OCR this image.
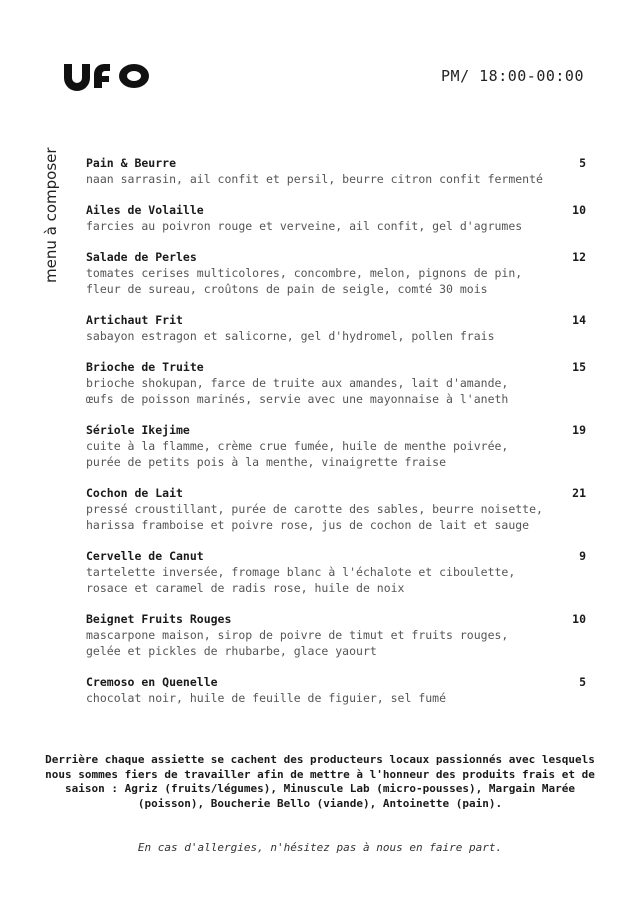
UFO
PM/ 18:00-00:00
menu à composer Pain & Beurre	5
naan sarrasin, ail confit et persil, beurre citron confit fermenté
Ailes de Volaille	10
farcies au poivron rouge et verveine, ail confit, gel d'agrumes
Salade de Perles	12
tomates cerises multicolores, concombre, melon, pignons de pin,
fleur de sureau, croûtons de pain de seigle, comté 30 mois
Artichaut Frit	14
sabayon estragon et salicorne, gel d'hydromel, pollen frais
Brioche de Truite	15
brioche shokupan, farce de truite aux amandes, lait d'amande,
œufs de poisson marinés, servie avec une mayonnaise à l'aneth
Sériole Ikejime	19
cuite à la flamme, crème crue fumée, huile de menthe poivrée,
purée de petits pois à la menthe, vinaigrette fraise
Cochon de Lait	21
pressé croustillant, purée de carotte des sables, beurre noisette,
harissa framboise et poivre rose, jus de cochon de lait et sauge
Cervelle de Canut	9
tartelette inversée, fromage blanc à l'échalote et ciboulette,
rosace et caramel de radis rose, huile de noix
Beignet Fruits Rouges	10
mascarpone maison, sirop de poivre de timut et fruits rouges,
gelée et pickles de rhubarbe, glace yaourt
Cremoso en Quenelle	5
chocolat noir, huile de feuille de figuier, sel fumé
Derrière chaque assiette se cachent des producteurs locaux passionnés avec lesquels nous sommes fiers de travailler afin de mettre à l'honneur des produits frais et de saison : Agriz (fruits/légumes), Minuscule Lab (micro-pousses), Margain Marée (poisson), Boucherie Bello (viande), Antoinette (pain).
En cas d'allergies, n'hésitez pas à nous en faire part.
